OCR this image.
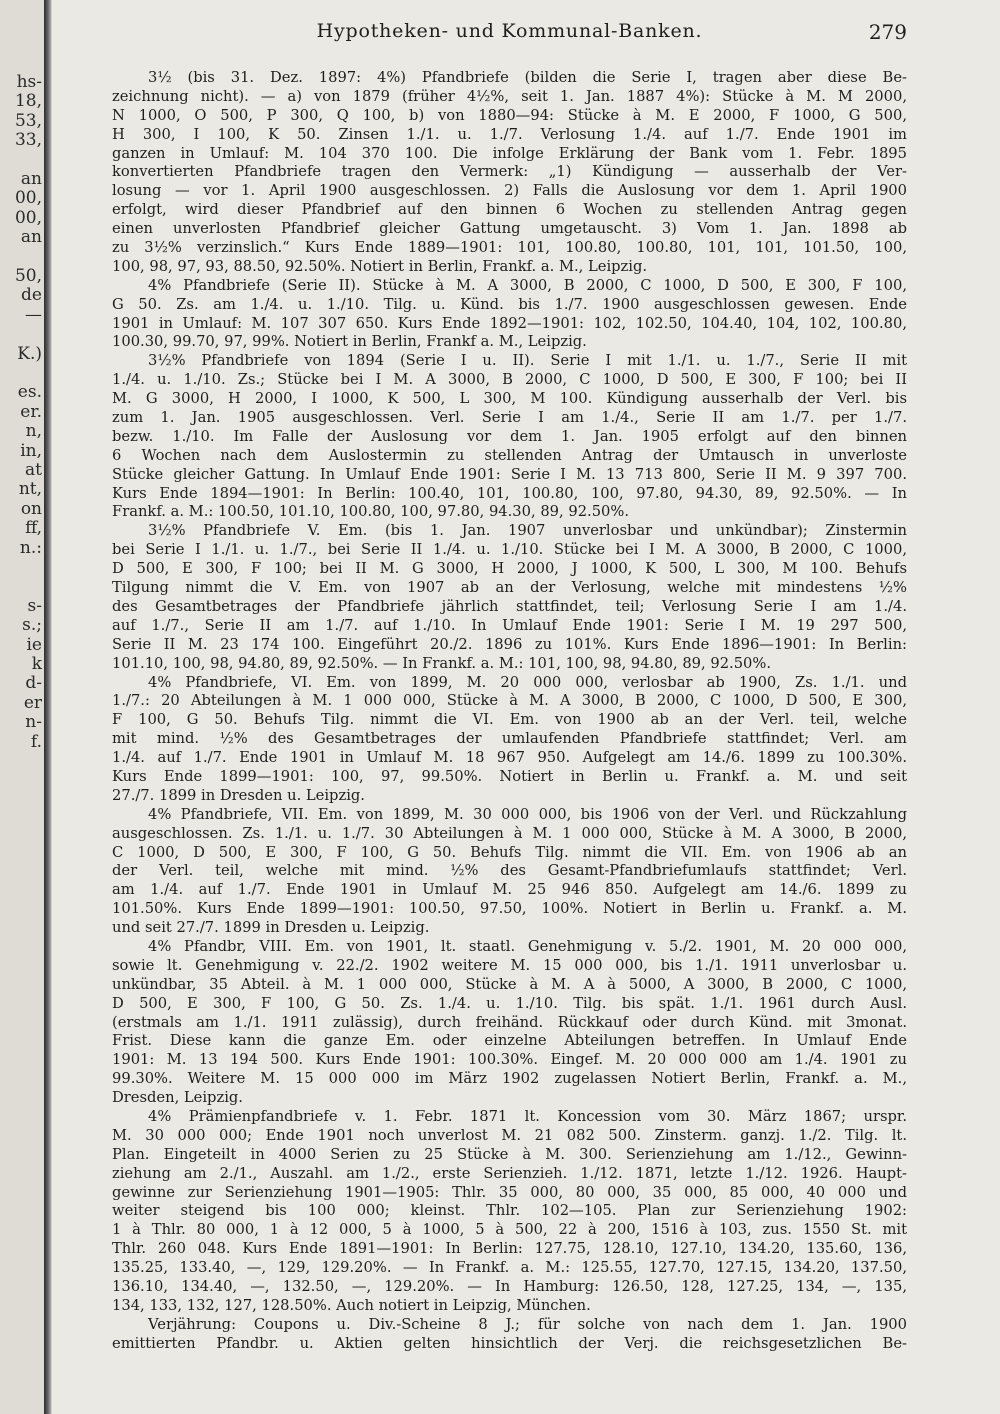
hs-
18,
53,
33,
an
00,
00,
an
50,
de
—
K.)
es.
er.
n,
in,
at
nt,
on
ff,
n.:
s-
s.;
ie
k
d-
er
n-
f.
Hypotheken- und Kommunal-Banken.	279
3½ (bis 31. Dez. 1897: 4%) Pfandbriefe (bilden die Serie I, tragen aber diese Be-
zeichnung nicht). — a) von 1879 (früher 4½%, seit 1. Jan. 1887 4%): Stücke à M. M 2000,
N 1000, O 500, P 300, Q 100, b) von 1880—94: Stücke à M. E 2000, F 1000, G 500,
H 300, I 100, K 50. Zinsen 1./1. u. 1./7. Verlosung 1./4. auf 1./7. Ende 1901 im
ganzen in Umlauf: M. 104 370 100. Die infolge Erklärung der Bank vom 1. Febr. 1895
konvertierten Pfandbriefe tragen den Vermerk: „1) Kündigung — ausserhalb der Ver-
losung — vor 1. April 1900 ausgeschlossen. 2) Falls die Auslosung vor dem 1. April 1900
erfolgt, wird dieser Pfandbrief auf den binnen 6 Wochen zu stellenden Antrag gegen
einen unverlosten Pfandbrief gleicher Gattung umgetauscht. 3) Vom 1. Jan. 1898 ab
zu 3½% verzinslich.“ Kurs Ende 1889—1901: 101, 100.80, 100.80, 101, 101, 101.50, 100,
100, 98, 97, 93, 88.50, 92.50%. Notiert in Berlin, Frankf. a. M., Leipzig.
4% Pfandbriefe (Serie II). Stücke à M. A 3000, B 2000, C 1000, D 500, E 300, F 100,
G 50. Zs. am 1./4. u. 1./10. Tilg. u. Künd. bis 1./7. 1900 ausgeschlossen gewesen. Ende
1901 in Umlauf: M. 107 307 650. Kurs Ende 1892—1901: 102, 102.50, 104.40, 104, 102, 100.80,
100.30, 99.70, 97, 99%. Notiert in Berlin, Frankf a. M., Leipzig.
3½% Pfandbriefe von 1894 (Serie I u. II). Serie I mit 1./1. u. 1./7., Serie II mit
1./4. u. 1./10. Zs.; Stücke bei I M. A 3000, B 2000, C 1000, D 500, E 300, F 100; bei II
M. G 3000, H 2000, I 1000, K 500, L 300, M 100. Kündigung ausserhalb der Verl. bis
zum 1. Jan. 1905 ausgeschlossen. Verl. Serie I am 1./4., Serie II am 1./7. per 1./7.
bezw. 1./10. Im Falle der Auslosung vor dem 1. Jan. 1905 erfolgt auf den binnen
6 Wochen nach dem Auslostermin zu stellenden Antrag der Umtausch in unverloste
Stücke gleicher Gattung. In Umlauf Ende 1901: Serie I M. 13 713 800, Serie II M. 9 397 700.
Kurs Ende 1894—1901: In Berlin: 100.40, 101, 100.80, 100, 97.80, 94.30, 89, 92.50%. — In
Frankf. a. M.: 100.50, 101.10, 100.80, 100, 97.80, 94.30, 89, 92.50%.
3½% Pfandbriefe V. Em. (bis 1. Jan. 1907 unverlosbar und unkündbar); Zinstermin
bei Serie I 1./1. u. 1./7., bei Serie II 1./4. u. 1./10. Stücke bei I M. A 3000, B 2000, C 1000,
D 500, E 300, F 100; bei II M. G 3000, H 2000, J 1000, K 500, L 300, M 100. Behufs
Tilgung nimmt die V. Em. von 1907 ab an der Verlosung, welche mit mindestens ½%
des Gesamtbetrages der Pfandbriefe jährlich stattfindet, teil; Verlosung Serie I am 1./4.
auf 1./7., Serie II am 1./7. auf 1./10. In Umlauf Ende 1901: Serie I M. 19 297 500,
Serie II M. 23 174 100. Eingeführt 20./2. 1896 zu 101%. Kurs Ende 1896—1901: In Berlin:
101.10, 100, 98, 94.80, 89, 92.50%. — In Frankf. a. M.: 101, 100, 98, 94.80, 89, 92.50%.
4% Pfandbriefe, VI. Em. von 1899, M. 20 000 000, verlosbar ab 1900, Zs. 1./1. und
1./7.: 20 Abteilungen à M. 1 000 000, Stücke à M. A 3000, B 2000, C 1000, D 500, E 300,
F 100, G 50. Behufs Tilg. nimmt die VI. Em. von 1900 ab an der Verl. teil, welche
mit mind. ½% des Gesamtbetrages der umlaufenden Pfandbriefe stattfindet; Verl. am
1./4. auf 1./7. Ende 1901 in Umlauf M. 18 967 950. Aufgelegt am 14./6. 1899 zu 100.30%.
Kurs Ende 1899—1901: 100, 97, 99.50%. Notiert in Berlin u. Frankf. a. M. und seit
27./7. 1899 in Dresden u. Leipzig.
4% Pfandbriefe, VII. Em. von 1899, M. 30 000 000, bis 1906 von der Verl. und Rückzahlung
ausgeschlossen. Zs. 1./1. u. 1./7. 30 Abteilungen à M. 1 000 000, Stücke à M. A 3000, B 2000,
C 1000, D 500, E 300, F 100, G 50. Behufs Tilg. nimmt die VII. Em. von 1906 ab an
der Verl. teil, welche mit mind. ½% des Gesamt-Pfandbriefumlaufs stattfindet; Verl.
am 1./4. auf 1./7. Ende 1901 in Umlauf M. 25 946 850. Aufgelegt am 14./6. 1899 zu
101.50%. Kurs Ende 1899—1901: 100.50, 97.50, 100%. Notiert in Berlin u. Frankf. a. M.
und seit 27./7. 1899 in Dresden u. Leipzig.
4% Pfandbr, VIII. Em. von 1901, lt. staatl. Genehmigung v. 5./2. 1901, M. 20 000 000,
sowie lt. Genehmigung v. 22./2. 1902 weitere M. 15 000 000, bis 1./1. 1911 unverlosbar u.
unkündbar, 35 Abteil. à M. 1 000 000, Stücke à M. A à 5000, A 3000, B 2000, C 1000,
D 500, E 300, F 100, G 50. Zs. 1./4. u. 1./10. Tilg. bis spät. 1./1. 1961 durch Ausl.
(erstmals am 1./1. 1911 zulässig), durch freihänd. Rückkauf oder durch Künd. mit 3monat.
Frist. Diese kann die ganze Em. oder einzelne Abteilungen betreffen. In Umlauf Ende
1901: M. 13 194 500. Kurs Ende 1901: 100.30%. Eingef. M. 20 000 000 am 1./4. 1901 zu
99.30%. Weitere M. 15 000 000 im März 1902 zugelassen Notiert Berlin, Frankf. a. M.,
Dresden, Leipzig.
4% Prämienpfandbriefe v. 1. Febr. 1871 lt. Koncession vom 30. März 1867; urspr.
M. 30 000 000; Ende 1901 noch unverlost M. 21 082 500. Zinsterm. ganzj. 1./2. Tilg. lt.
Plan. Eingeteilt in 4000 Serien zu 25 Stücke à M. 300. Serienziehung am 1./12., Gewinn-
ziehung am 2./1., Auszahl. am 1./2., erste Serienzieh. 1./12. 1871, letzte 1./12. 1926. Haupt-
gewinne zur Serienziehung 1901—1905: Thlr. 35 000, 80 000, 35 000, 85 000, 40 000 und
weiter steigend bis 100 000; kleinst. Thlr. 102—105. Plan zur Serienziehung 1902:
1 à Thlr. 80 000, 1 à 12 000, 5 à 1000, 5 à 500, 22 à 200, 1516 à 103, zus. 1550 St. mit
Thlr. 260 048. Kurs Ende 1891—1901: In Berlin: 127.75, 128.10, 127.10, 134.20, 135.60, 136,
135.25, 133.40, —, 129, 129.20%. — In Frankf. a. M.: 125.55, 127.70, 127.15, 134.20, 137.50,
136.10, 134.40, —, 132.50, —, 129.20%. — In Hamburg: 126.50, 128, 127.25, 134, —, 135,
134, 133, 132, 127, 128.50%. Auch notiert in Leipzig, München.
Verjährung: Coupons u. Div.-Scheine 8 J.; für solche von nach dem 1. Jan. 1900
emittierten Pfandbr. u. Aktien gelten hinsichtlich der Verj. die reichsgesetzlichen Be-
